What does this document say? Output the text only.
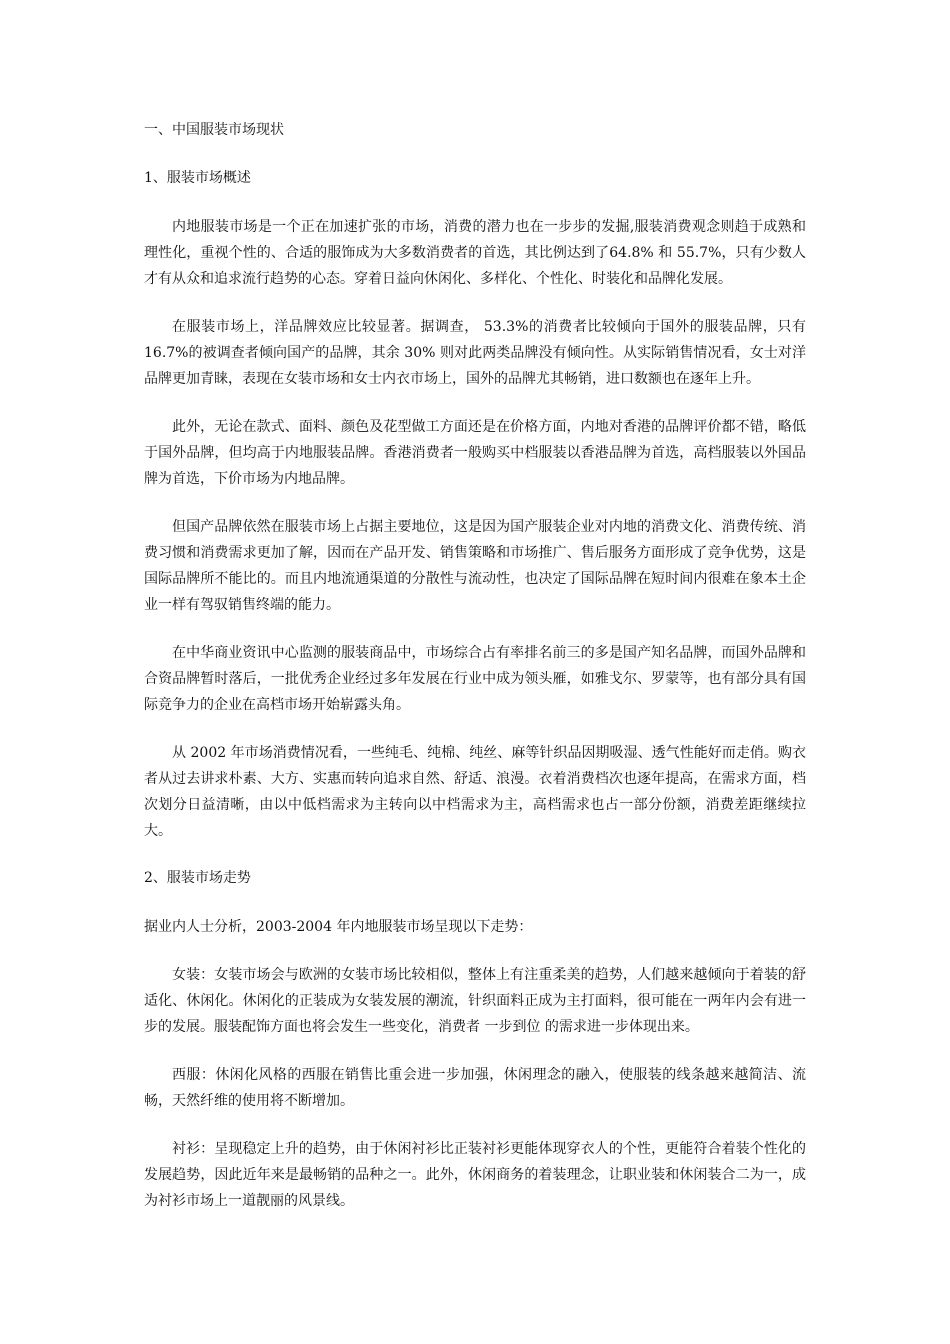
一、中国服装市场现状
1、服装市场概述

内地服装市场是一个正在加速扩张的市场，消费的潜力也在一步步的发掘,服装消费观念则趋于成熟和理性化，重视个性的、合适的服饰成为大多数消费者的首选，其比例达到了64.8% 和 55.7%，只有少数人才有从众和追求流行趋势的心态。穿着日益向休闲化、多样化、个性化、时装化和品牌化发展。

在服装市场上，洋品牌效应比较显著。据调查， 53.3%的消费者比较倾向于国外的服装品牌，只有16.7%的被调查者倾向国产的品牌，其余 30% 则对此两类品牌没有倾向性。从实际销售情况看，女士对洋品牌更加青睐，表现在女装市场和女士内衣市场上，国外的品牌尤其畅销，进口数额也在逐年上升。

此外，无论在款式、面料、颜色及花型做工方面还是在价格方面，内地对香港的品牌评价都不错，略低于国外品牌，但均高于内地服装品牌。香港消费者一般购买中档服装以香港品牌为首选，高档服装以外国品牌为首选，下价市场为内地品牌。

但国产品牌依然在服装市场上占据主要地位，这是因为国产服装企业对内地的消费文化、消费传统、消费习惯和消费需求更加了解，因而在产品开发、销售策略和市场推广、售后服务方面形成了竞争优势，这是国际品牌所不能比的。而且内地流通渠道的分散性与流动性，也决定了国际品牌在短时间内很难在象本土企业一样有驾驭销售终端的能力。

在中华商业资讯中心监测的服装商品中，市场综合占有率排名前三的多是国产知名品牌，而国外品牌和合资品牌暂时落后，一批优秀企业经过多年发展在行业中成为领头雁，如雅戈尔、罗蒙等，也有部分具有国际竞争力的企业在高档市场开始崭露头角。

从 2002 年市场消费情况看，一些纯毛、纯棉、纯丝、麻等针织品因期吸湿、透气性能好而走俏。购衣者从过去讲求朴素、大方、实惠而转向追求自然、舒适、浪漫。衣着消费档次也逐年提高，在需求方面，档次划分日益清晰，由以中低档需求为主转向以中档需求为主，高档需求也占一部分份额，消费差距继续拉大。

2、服装市场走势

据业内人士分析，2003-2004 年内地服装市场呈现以下走势：

女装：女装市场会与欧洲的女装市场比较相似，整体上有注重柔美的趋势，人们越来越倾向于着装的舒适化、休闲化。休闲化的正装成为女装发展的潮流，针织面料正成为主打面料，很可能在一两年内会有进一步的发展。服装配饰方面也将会发生一些变化，消费者 一步到位 的需求进一步体现出来。

西服：休闲化风格的西服在销售比重会进一步加强，休闲理念的融入，使服装的线条越来越简洁、流畅，天然纤维的使用将不断增加。

衬衫：呈现稳定上升的趋势，由于休闲衬衫比正装衬衫更能体现穿衣人的个性，更能符合着装个性化的发展趋势，因此近年来是最畅销的品种之一。此外，休闲商务的着装理念，让职业装和休闲装合二为一，成为衬衫市场上一道靓丽的风景线。
